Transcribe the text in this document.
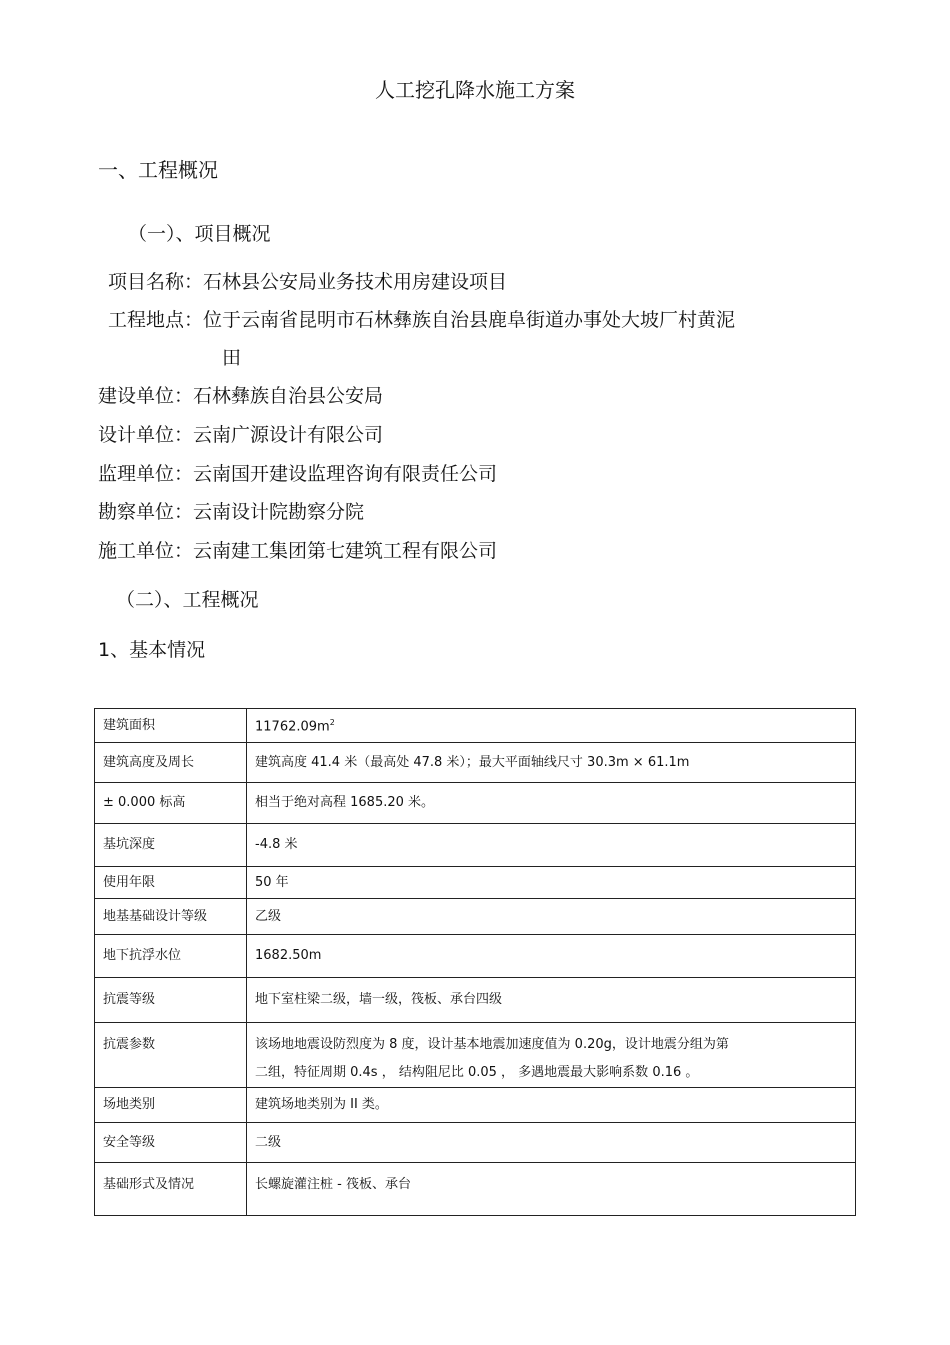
人工挖孔降水施工方案
一、工程概况
（一）、项目概况
项目名称：石林县公安局业务技术用房建设项目
工程地点：位于云南省昆明市石林彝族自治县鹿阜街道办事处大坡厂村黄泥
田
建设单位：石林彝族自治县公安局
设计单位：云南广源设计有限公司
监理单位：云南国开建设监理咨询有限责任公司
勘察单位：云南设计院勘察分院
施工单位：云南建工集团第七建筑工程有限公司
（二）、工程概况
1、基本情况
建筑面积	$11762.09m^2$
建筑高度及周长	建筑高度 41.4 米（最高处 47.8 米）；最大平面轴线尺寸 30.3m × 61.1m
± 0.000 标高	相当于绝对高程 1685.20 米。
基坑深度	-4.8 米
使用年限	50 年
地基基础设计等级	乙级
地下抗浮水位	1682.50m
抗震等级	地下室柱梁二级，墙一级，筏板、承台四级
抗震参数	该场地地震设防烈度为 8 度，设计基本地震加速度值为 0.20g，设计地震分组为第
二组，特征周期 0.4s ， 结构阻尼比 0.05 ， 多遇地震最大影响系数 0.16 。

场地类别	建筑场地类别为 II 类。
安全等级	二级
基础形式及情况	长螺旋灌注桩 - 筏板、承台
